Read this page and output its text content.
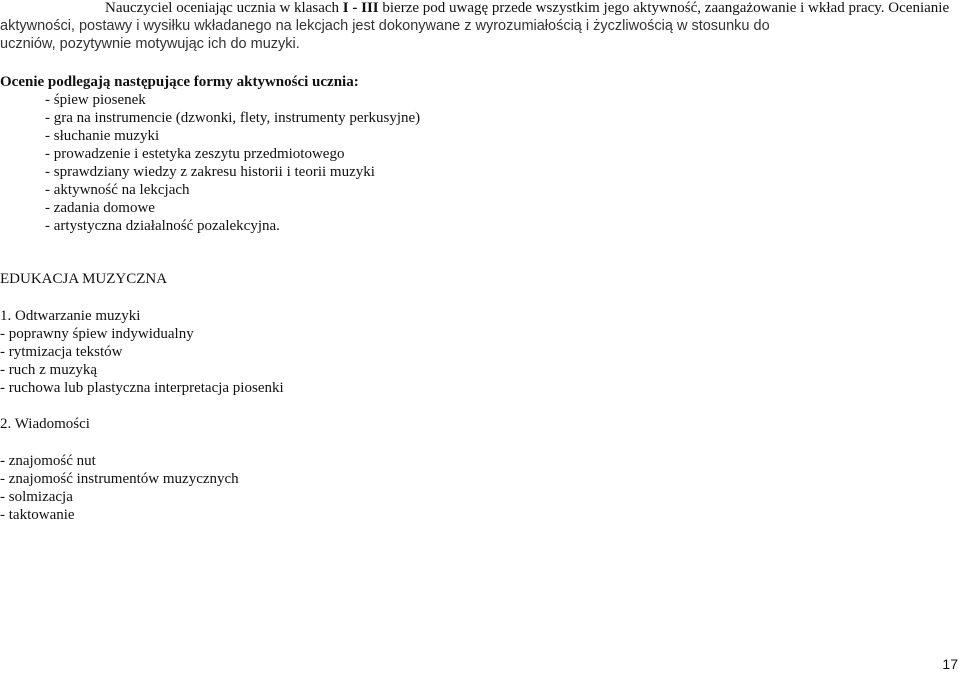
Nauczyciel oceniając ucznia w klasach I - III bierze pod uwagę przede wszystkim jego aktywność, zaangażowanie i wkład pracy. Ocenianie
aktywności, postawy i wysiłku wkładanego na lekcjach jest dokonywane z wyrozumiałością i życzliwością w stosunku do
uczniów, pozytywnie motywując ich do muzyki.
Ocenie podlegają następujące formy aktywności ucznia:
- śpiew piosenek
- gra na instrumencie (dzwonki, flety, instrumenty perkusyjne)
- słuchanie muzyki
- prowadzenie i estetyka zeszytu przedmiotowego
- sprawdziany wiedzy z zakresu historii i teorii muzyki
- aktywność na lekcjach
- zadania domowe
- artystyczna działalność pozalekcyjna.
EDUKACJA MUZYCZNA
1. Odtwarzanie muzyki
- poprawny śpiew indywidualny
- rytmizacja tekstów
- ruch z muzyką
- ruchowa lub plastyczna interpretacja piosenki
2. Wiadomości
- znajomość nut
- znajomość instrumentów muzycznych
- solmizacja
- taktowanie
17
